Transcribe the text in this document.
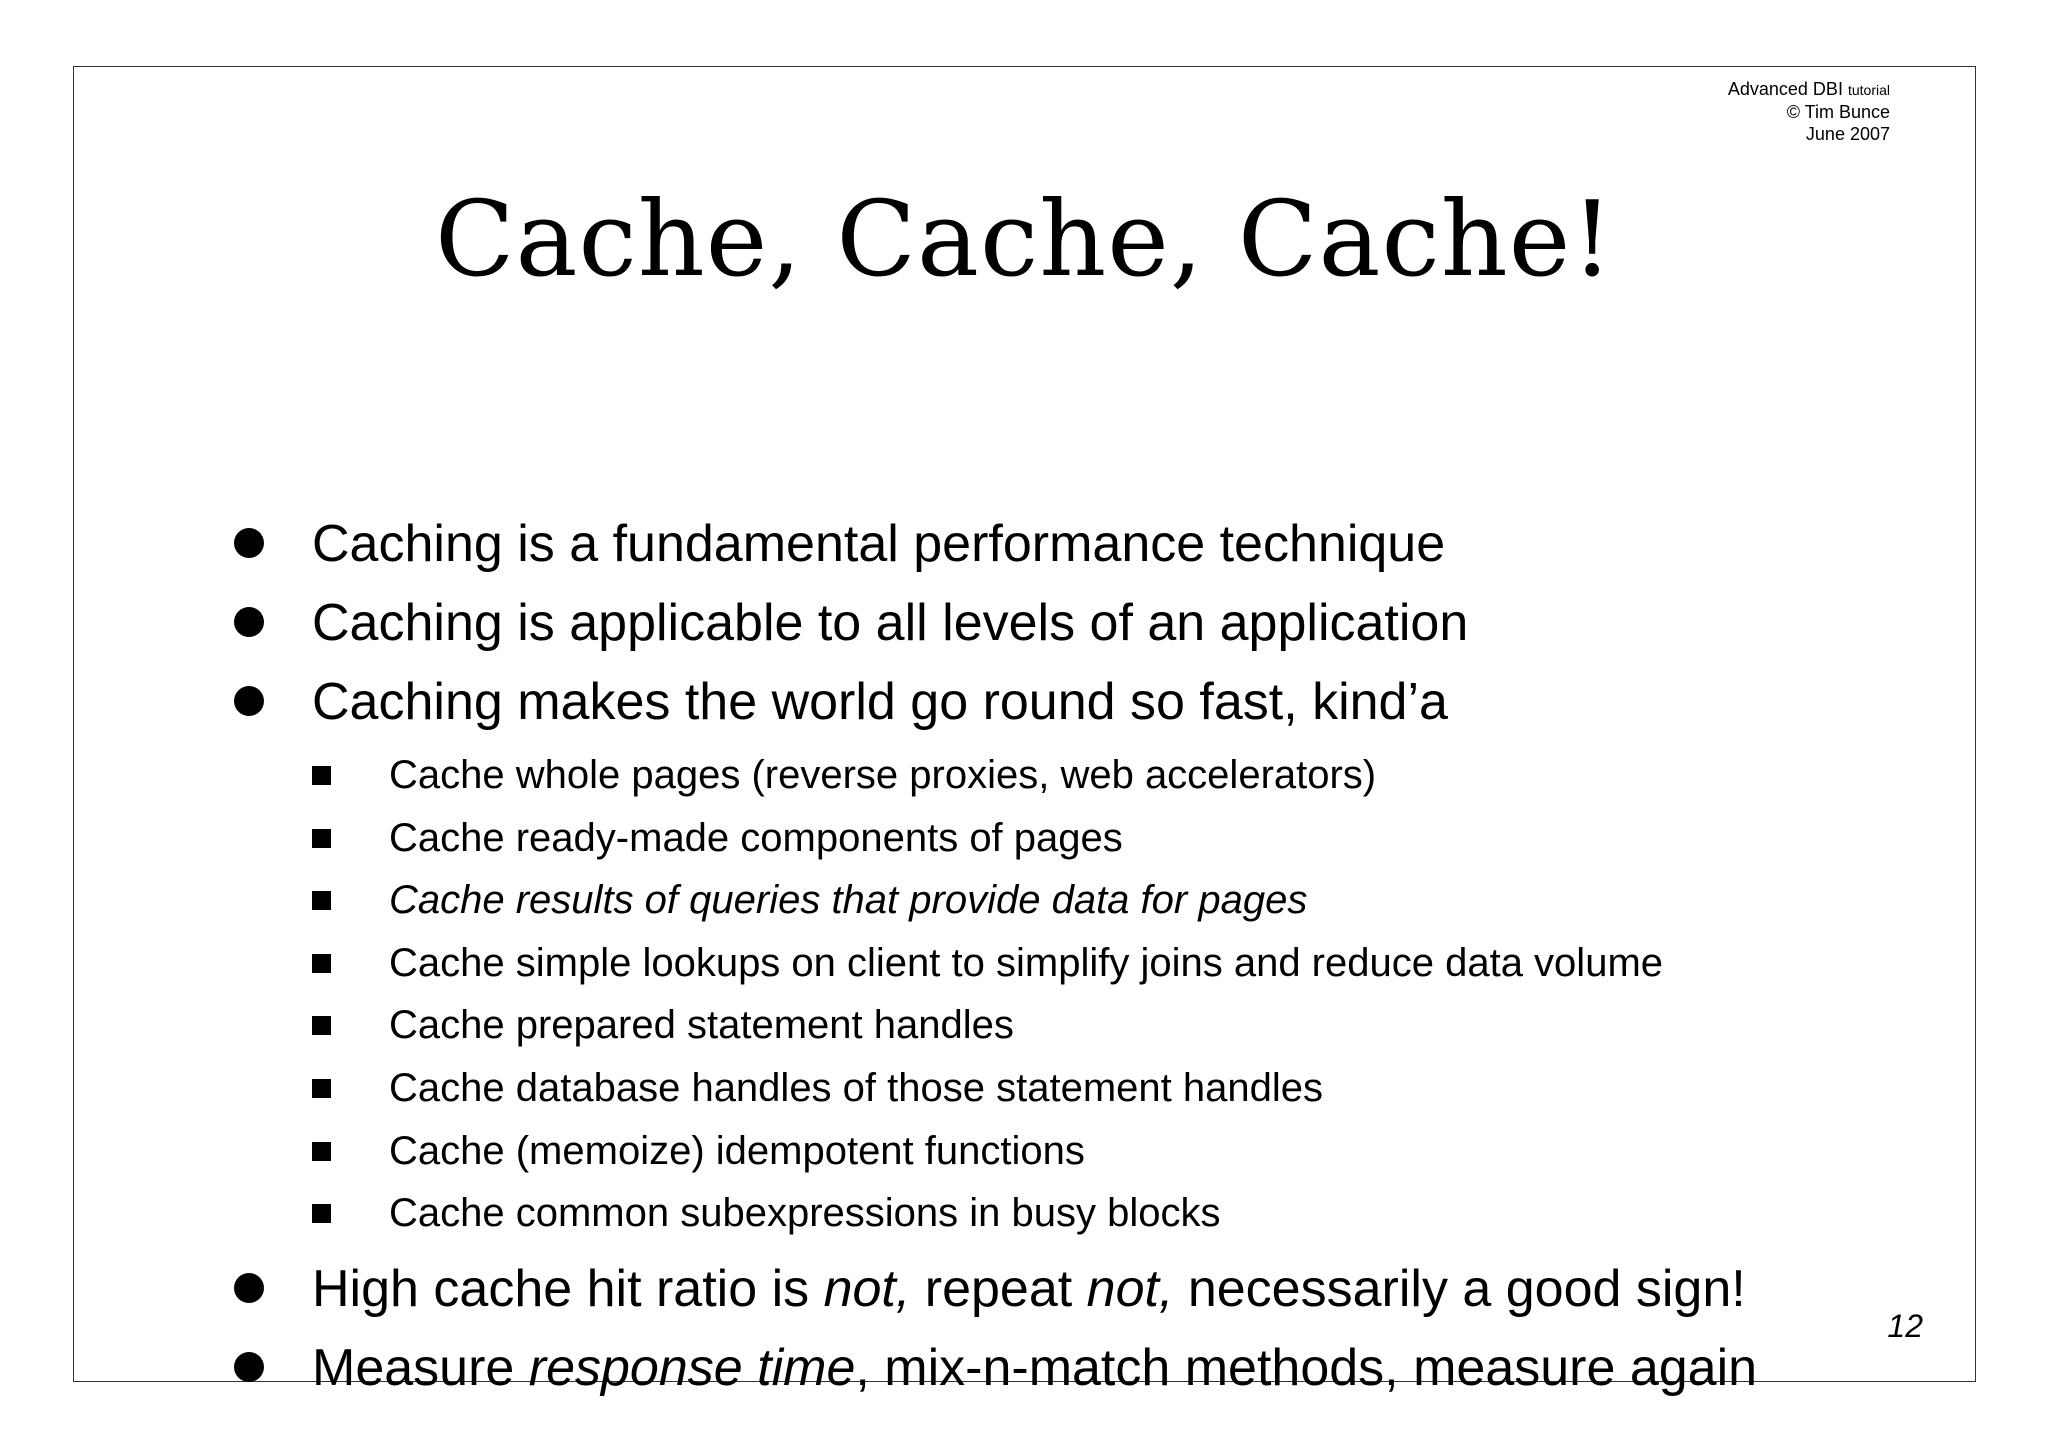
Advanced DBI tutorial
© Tim Bunce
June 2007
Cache, Cache, Cache!
Caching is a fundamental performance technique
Caching is applicable to all levels of an application
Caching makes the world go round so fast, kind’a
Cache whole pages (reverse proxies, web accelerators)
Cache ready-made components of pages
Cache results of queries that provide data for pages
Cache simple lookups on client to simplify joins and reduce data volume
Cache prepared statement handles
Cache database handles of those statement handles
Cache (memoize) idempotent functions
Cache common subexpressions in busy blocks
High cache hit ratio is not, repeat not, necessarily a good sign!
Measure response time, mix-n-match methods, measure again
12
